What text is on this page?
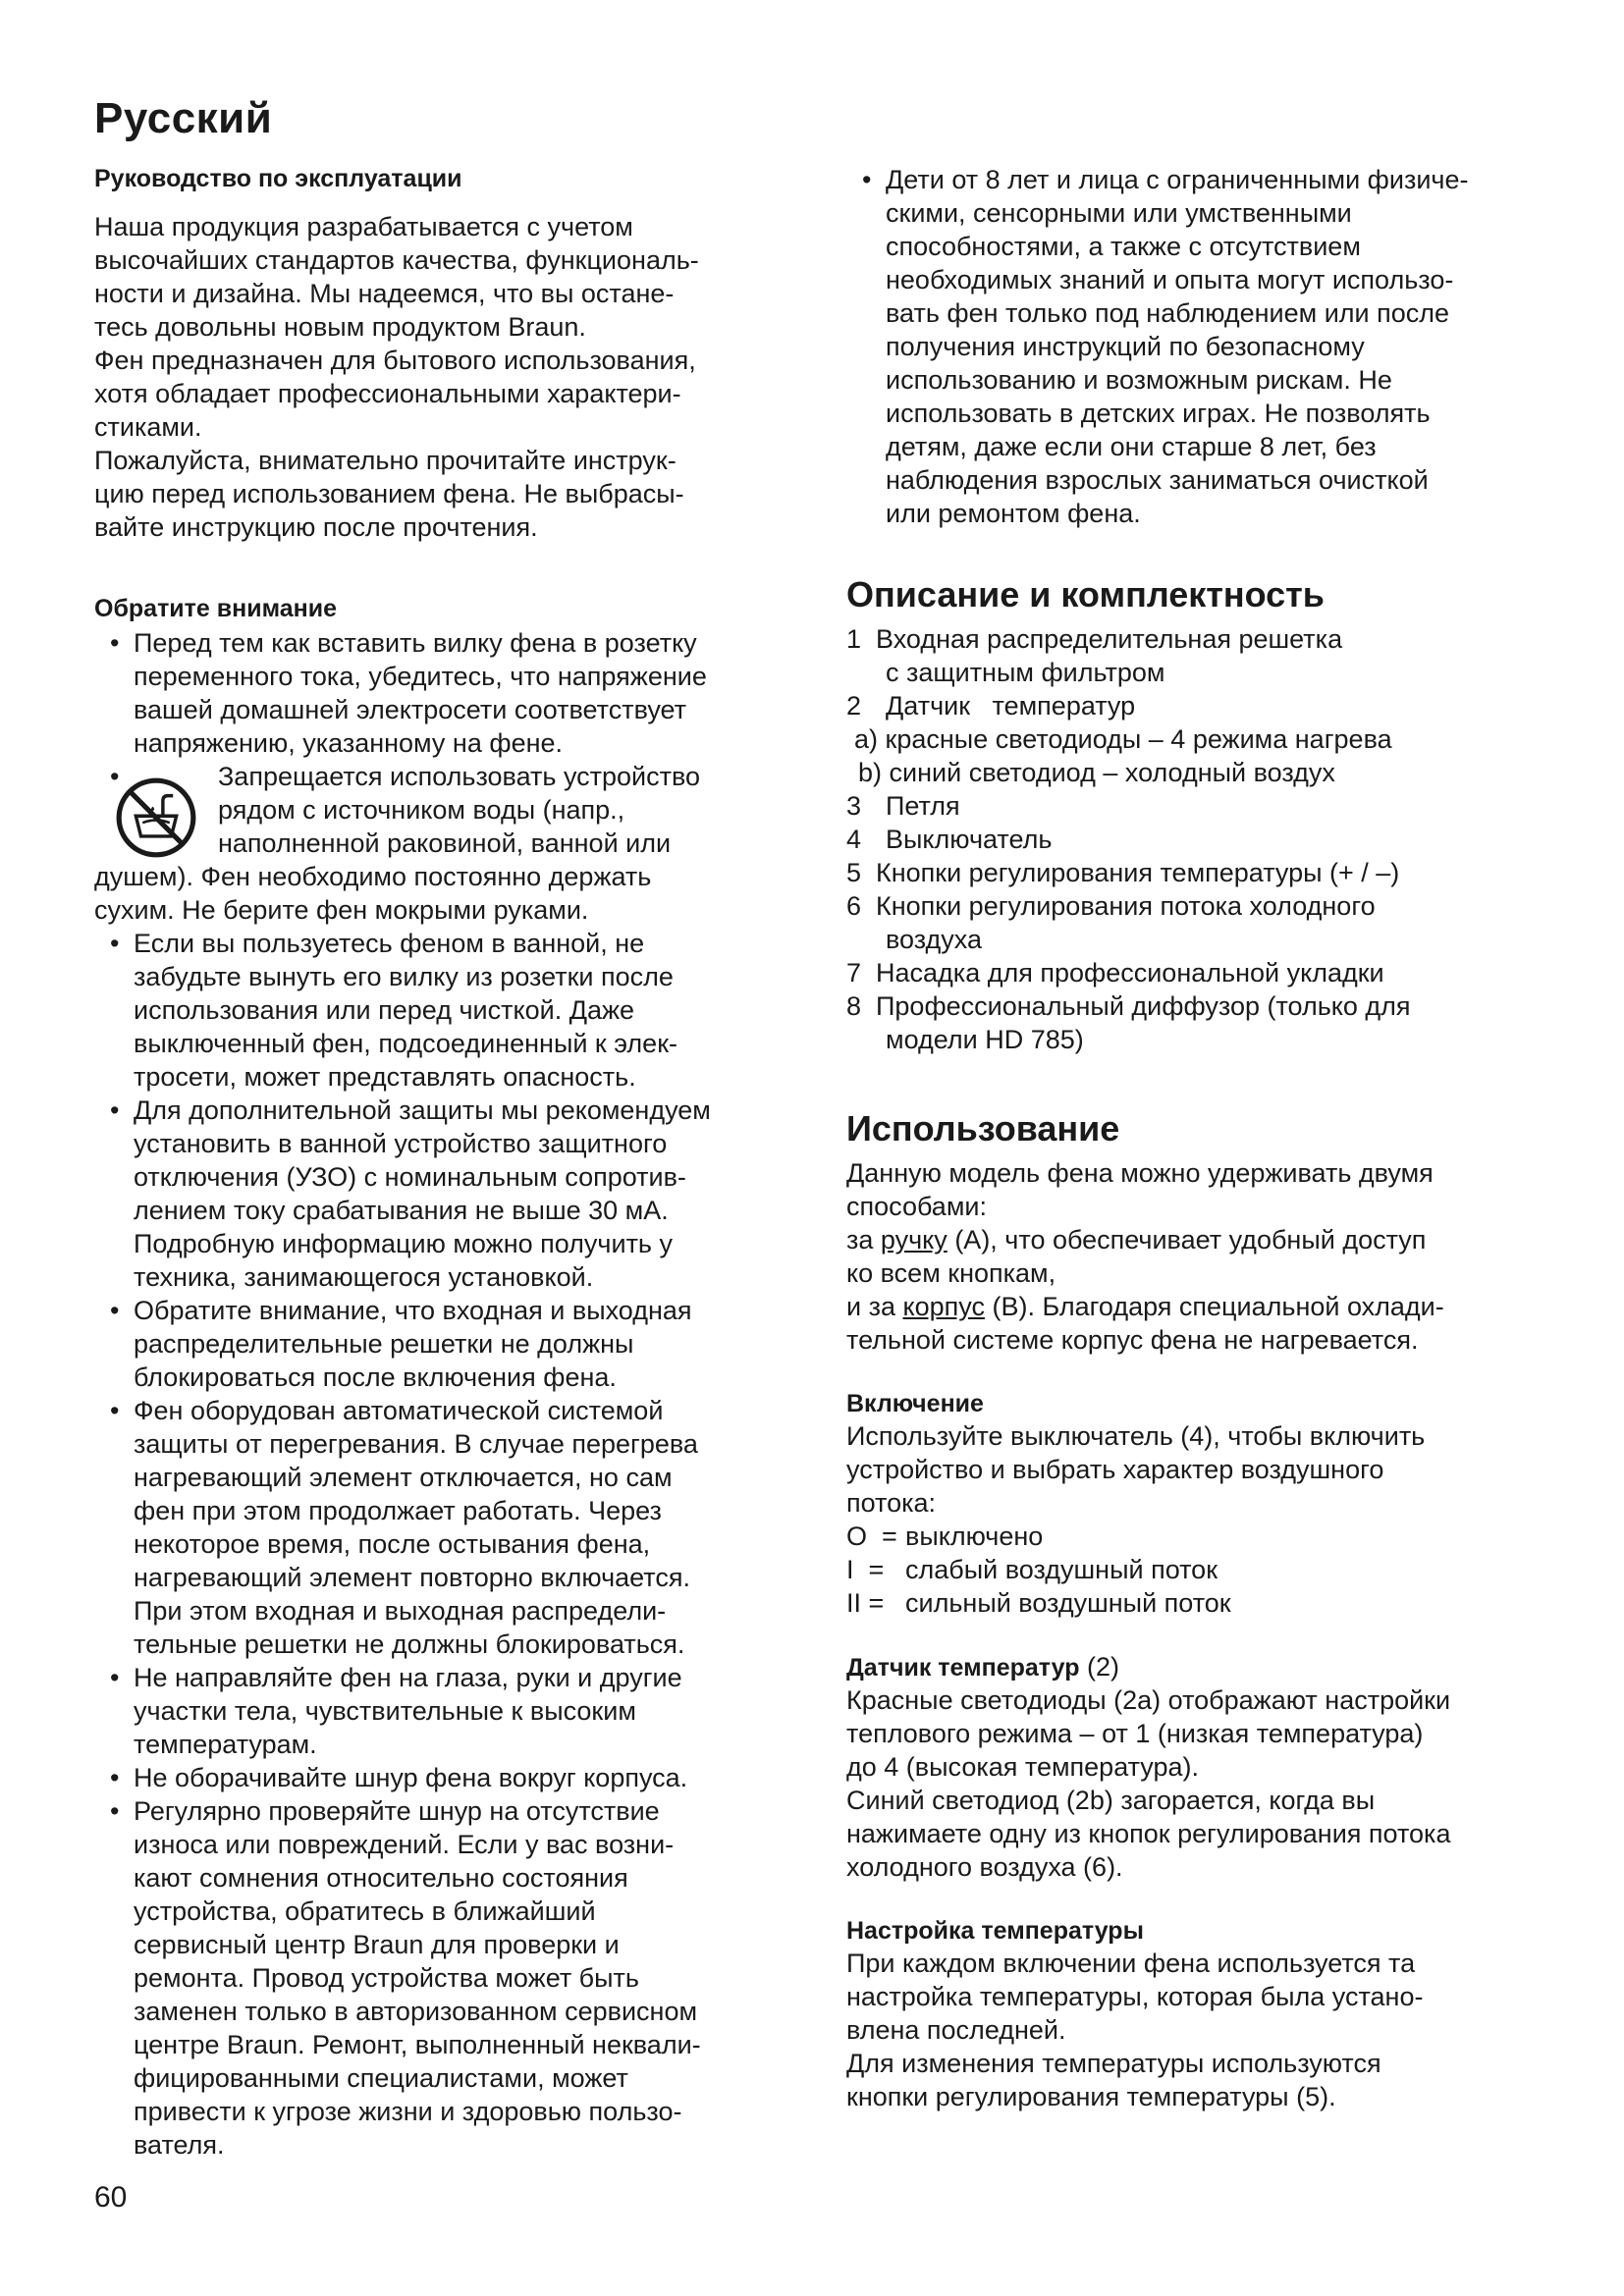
Русский

Руководство по эксплуатации

Наша продукция разрабатывается с учетом

высочайших стандартов качества, функциональ-

ности и дизайна. Мы надеемся, что вы остане-

тесь довольны новым продуктом Braun.

Фен предназначен для бытового использования,

хотя обладает профессиональными характери-

стиками.

Пожалуйста, внимательно прочитайте инструк-

цию перед использованием фена. Не выбрасы-

вайте инструкцию после прочтения.

Обратите внимание

• Перед тем как вставить вилку фена в розетку

переменного тока, убедитесь, что напряжение

вашей домашней электросети соответствует

напряжению, указанному на фене.

•	Запрещается использовать устройство

рядом с источником воды (напр.,

наполненной раковиной, ванной или

душем). Фен необходимо постоянно держать

сухим. Не берите фен мокрыми руками.

• Если вы пользуетесь феном в ванной, не

забудьте вынуть его вилку из розетки после

использования или перед чисткой. Даже

выключенный фен, подсоединенный к элек-

тросети, может представлять опасность.

• Для дополнительной защиты мы рекомендуем

установить в ванной устройство защитного

отключения (УЗО) с номинальным сопротив-

лением току срабатывания не выше 30 мА.

Подробную информацию можно получить у

техника, занимающегося установкой.

• Обратите внимание, что входная и выходная

распределительные решетки не должны

блокироваться после включения фена.

• Фен оборудован автоматической системой

защиты от перегревания. В случае перегрева

нагревающий элемент отключается, но сам

фен при этом продолжает работать. Через

некоторое время, после остывания фена,

нагревающий элемент повторно включается.

При этом входная и выходная распредели-

тельные решетки не должны блокироваться.

• Не направляйте фен на глаза, руки и другие

участки тела, чувствительные к высоким

температурам.

• Не оборачивайте шнур фена вокруг корпуса.

• Регулярно проверяйте шнур на отсутствие

износа или повреждений. Если у вас возни-

кают сомнения относительно состояния

устройства, обратитесь в ближайший

сервисный центр Braun для проверки и

ремонта. Провод устройства может быть

заменен только в авторизованном сервисном

центре Braun. Ремонт, выполненный неквали-

фицированными специалистами, может

привести к угрозе жизни и здоровью пользо-

вателя.

• Дети от 8 лет и лица с ограниченными физиче-

скими, сенсорными или умственными

способностями, а также с отсутствием

необходимых знаний и опыта могут использо-

вать фен только под наблюдением или после

получения инструкций по безопасному

использованию и возможным рискам. Не

использовать в детских играх. Не позволять

детям, даже если они старше 8 лет, без

наблюдения взрослых заниматься очисткой

или ремонтом фена.

Описание и комплектность

1 Входная распределительная решетка

с защитным фильтром

2 Датчик   температур

a) красные светодиоды – 4 режима нагрева

b) синий светодиод – холодный воздух

3 Петля

4 Выключатель

5 Кнопки регулирования температуры (+ / –)

6 Кнопки регулирования потока холодного

воздуха

7 Насадка для профессиональной укладки

8 Профессиональный диффузор (только для

модели HD 785)

Использование

Данную модель фена можно удерживать двумя

способами:

за ручку (A), что обеспечивает удобный доступ

ко всем кнопкам,

и за корпус (B). Благодаря специальной охлади-

тельной системе корпус фена не нагревается.

Включение

Используйте выключатель (4), чтобы включить

устройство и выбрать характер воздушного

потока:

O  = выключено

I  = слабый воздушный поток

II = сильный воздушный поток

Датчик температур (2)

Красные светодиоды (2a) отображают настройки

теплового режима – от 1 (низкая температура)

до 4 (высокая температура).

Синий светодиод (2b) загорается, когда вы

нажимаете одну из кнопок регулирования потока

холодного воздуха (6).

Настройка температуры

При каждом включении фена используется та

настройка температуры, которая была устано-

влена последней.

Для изменения температуры используются

кнопки регулирования температуры (5).

60
